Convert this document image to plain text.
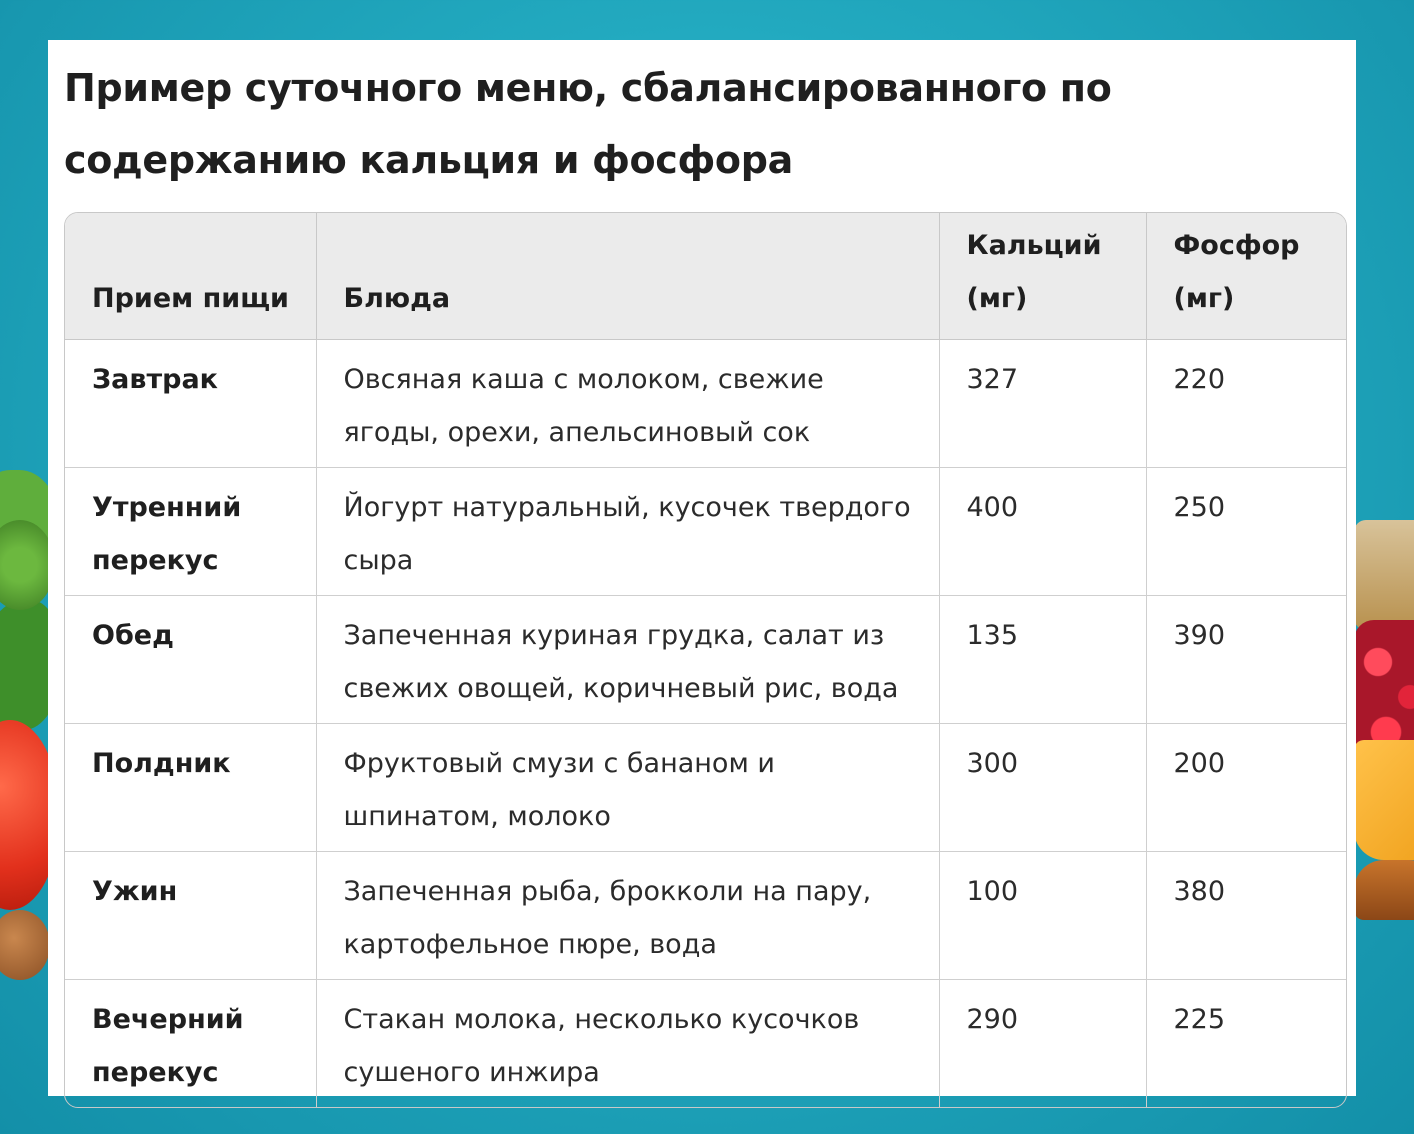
Пример суточного меню, сбалансированного по содержанию кальция и фосфора
Прием пищи	Блюда	Кальций (мг)	Фосфор (мг)
Завтрак	Овсяная каша с молоком, свежие ягоды, орехи, апельсиновый сок	327	220
Утренний перекус	Йогурт натуральный, кусочек твердого сыра	400	250
Обед	Запеченная куриная грудка, салат из свежих овощей, коричневый рис, вода	135	390
Полдник	Фруктовый смузи с бананом и шпинатом, молоко	300	200
Ужин	Запеченная рыба, брокколи на пару, картофельное пюре, вода	100	380
Вечерний перекус	Стакан молока, несколько кусочков сушеного инжира	290	225
